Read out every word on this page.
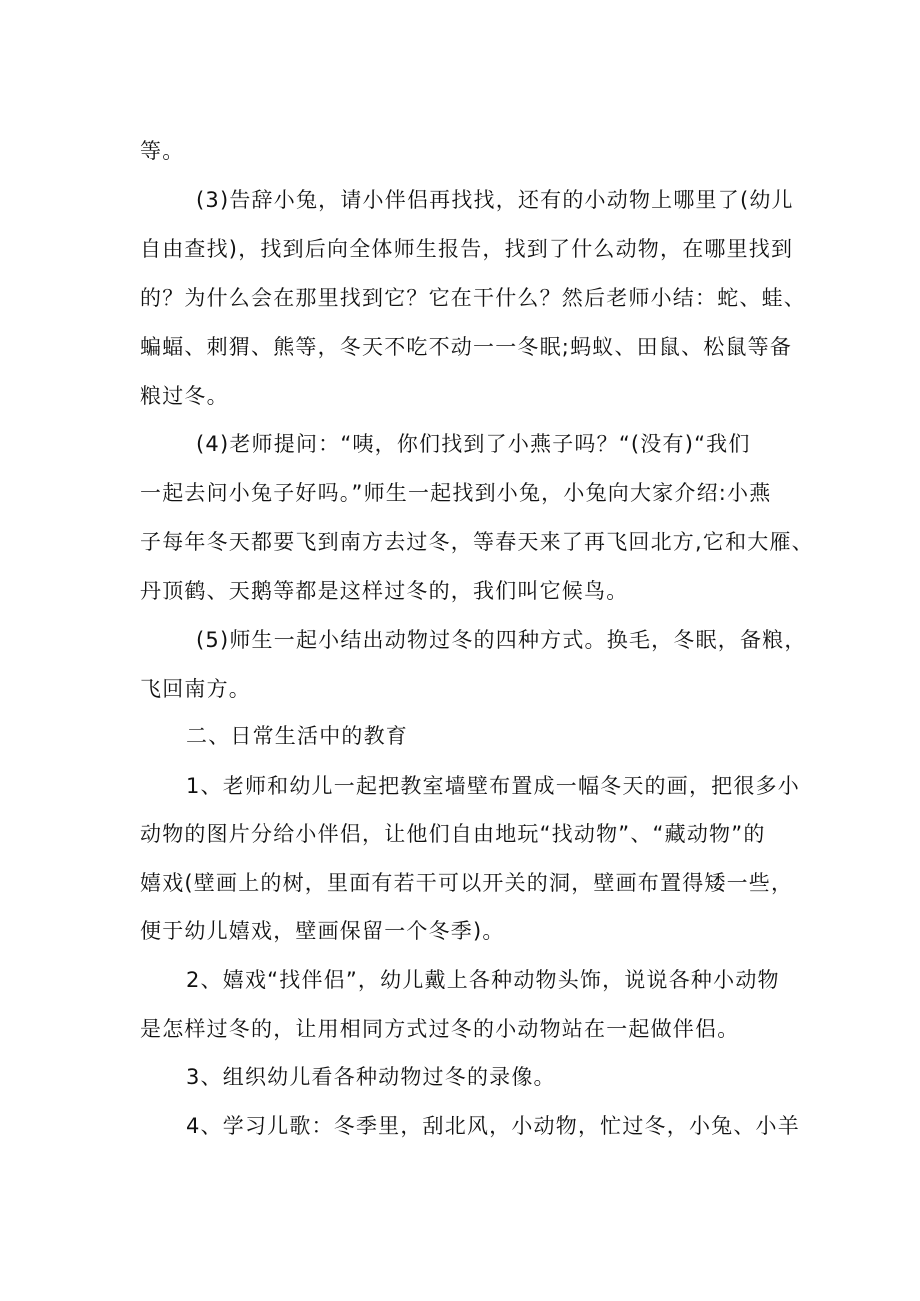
等。
(3)告辞小兔，请小伴侣再找找，还有的小动物上哪里了(幼儿
自由查找)，找到后向全体师生报告，找到了什么动物，在哪里找到
的？为什么会在那里找到它？它在干什么？然后老师小结：蛇、蛙、
蝙蝠、刺猬、熊等，冬天不吃不动一一冬眠;蚂蚁、田鼠、松鼠等备
粮过冬。
(4)老师提问：“咦，你们找到了小燕子吗？“(没有)“我们
一起去问小兔子好吗。”师生一起找到小兔，小兔向大家介绍:小燕
子每年冬天都要飞到南方去过冬，等春天来了再飞回北方,它和大雁、
丹顶鹤、天鹅等都是这样过冬的，我们叫它候鸟。
(5)师生一起小结出动物过冬的四种方式。换毛，冬眠，备粮，
飞回南方。
二、日常生活中的教育
1、老师和幼儿一起把教室墙壁布置成一幅冬天的画，把很多小
动物的图片分给小伴侣，让他们自由地玩“找动物”、“藏动物”的
嬉戏(壁画上的树，里面有若干可以开关的洞，壁画布置得矮一些，
便于幼儿嬉戏，壁画保留一个冬季)。
2、嬉戏“找伴侣”，幼儿戴上各种动物头饰，说说各种小动物
是怎样过冬的，让用相同方式过冬的小动物站在一起做伴侣。
3、组织幼儿看各种动物过冬的录像。
4、学习儿歌：冬季里，刮北风，小动物，忙过冬，小兔、小羊
